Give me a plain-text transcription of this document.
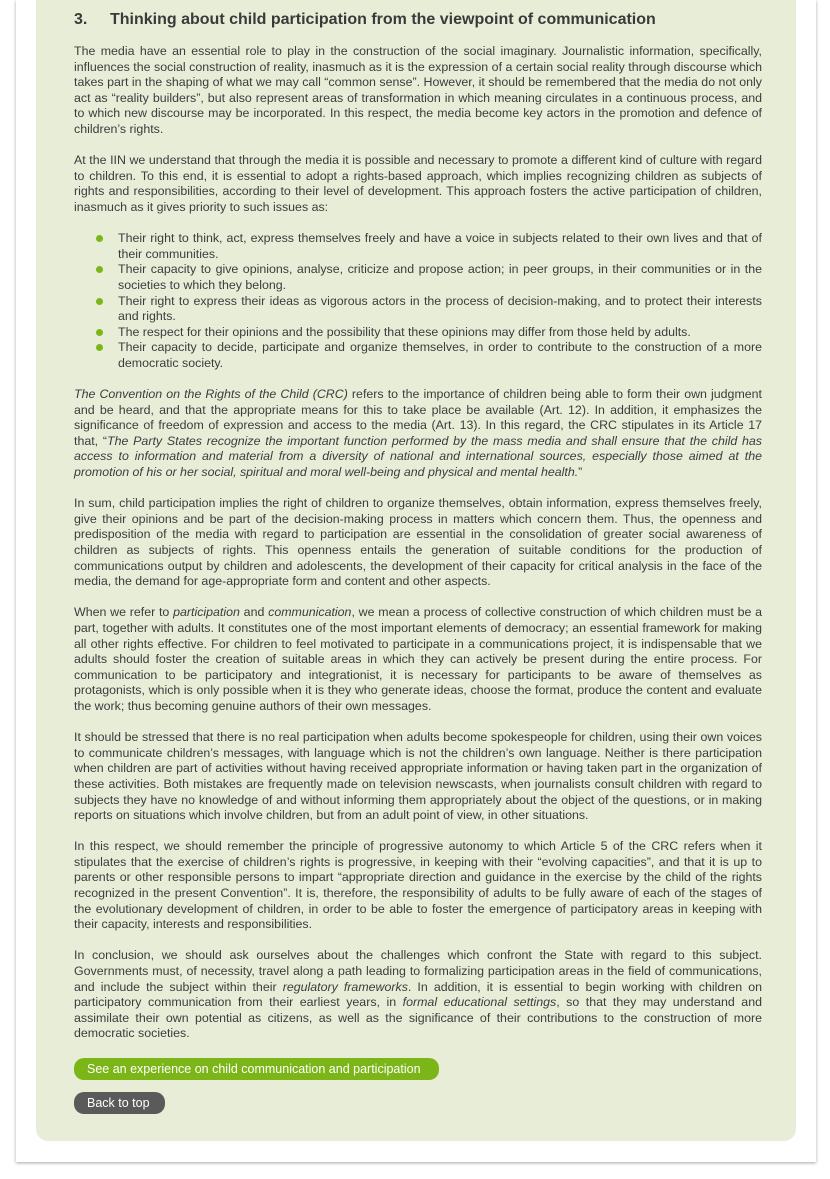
3.	Thinking about child participation from the viewpoint of communication

The media have an essential role to play in the construction of the social imaginary. Journalistic information, specifically, influences the social construction of reality, inasmuch as it is the expression of a certain social reality through discourse which takes part in the shaping of what we may call “common sense”. However, it should be remembered that the media do not only act as “reality builders”, but also represent areas of transformation in which meaning circulates in a continuous process, and to which new discourse may be incorporated. In this respect, the media become key actors in the promotion and defence of children’s rights.

At the IIN we understand that through the media it is possible and necessary to promote a different kind of culture with regard to children. To this end, it is essential to adopt a rights-based approach, which implies recognizing children as subjects of rights and responsibilities, according to their level of development. This approach fosters the active participation of children, inasmuch as it gives priority to such issues as:

Their right to think, act, express themselves freely and have a voice in subjects related to their own lives and that of their communities.
Their capacity to give opinions, analyse, criticize and propose action; in peer groups, in their communities or in the societies to which they belong.
Their right to express their ideas as vigorous actors in the process of decision-making, and to protect their interests and rights.
The respect for their opinions and the possibility that these opinions may differ from those held by adults.
Their capacity to decide, participate and organize themselves, in order to contribute to the construction of a more democratic society.

The Convention on the Rights of the Child (CRC) refers to the importance of children being able to form their own judgment and be heard, and that the appropriate means for this to take place be available (Art. 12). In addition, it emphasizes the significance of freedom of expression and access to the media (Art. 13). In this regard, the CRC stipulates in its Article 17 that, “The Party States recognize the important function performed by the mass media and shall ensure that the child has access to information and material from a diversity of national and international sources, especially those aimed at the promotion of his or her social, spiritual and moral well-being and physical and mental health.”

In sum, child participation implies the right of children to organize themselves, obtain information, express themselves freely, give their opinions and be part of the decision-making process in matters which concern them. Thus, the openness and predisposition of the media with regard to participation are essential in the consolidation of greater social awareness of children as subjects of rights. This openness entails the generation of suitable conditions for the production of communications output by children and adolescents, the development of their capacity for critical analysis in the face of the media, the demand for age-appropriate form and content and other aspects.

When we refer to participation and communication, we mean a process of collective construction of which children must be a part, together with adults. It constitutes one of the most important elements of democracy; an essential framework for making all other rights effective. For children to feel motivated to participate in a communications project, it is indispensable that we adults should foster the creation of suitable areas in which they can actively be present during the entire process. For communication to be participatory and integrationist, it is necessary for participants to be aware of themselves as protagonists, which is only possible when it is they who generate ideas, choose the format, produce the content and evaluate the work; thus becoming genuine authors of their own messages.

It should be stressed that there is no real participation when adults become spokespeople for children, using their own voices to communicate children’s messages, with language which is not the children’s own language. Neither is there participation when children are part of activities without having received appropriate information or having taken part in the organization of these activities. Both mistakes are frequently made on television newscasts, when journalists consult children with regard to subjects they have no knowledge of and without informing them appropriately about the object of the questions, or in making reports on situations which involve children, but from an adult point of view, in other situations.

In this respect, we should remember the principle of progressive autonomy to which Article 5 of the CRC refers when it stipulates that the exercise of children’s rights is progressive, in keeping with their “evolving capacities”, and that it is up to parents or other responsible persons to impart “appropriate direction and guidance in the exercise by the child of the rights recognized in the present Convention”. It is, therefore, the responsibility of adults to be fully aware of each of the stages of the evolutionary development of children, in order to be able to foster the emergence of participatory areas in keeping with their capacity, interests and responsibilities.

In conclusion, we should ask ourselves about the challenges which confront the State with regard to this subject. Governments must, of necessity, travel along a path leading to formalizing participation areas in the field of communications, and include the subject within their regulatory frameworks. In addition, it is essential to begin working with children on participatory communication from their earliest years, in formal educational settings, so that they may understand and assimilate their own potential as citizens, as well as the significance of their contributions to the construction of more democratic societies.

See an experience on child communication and participation
Back to top
